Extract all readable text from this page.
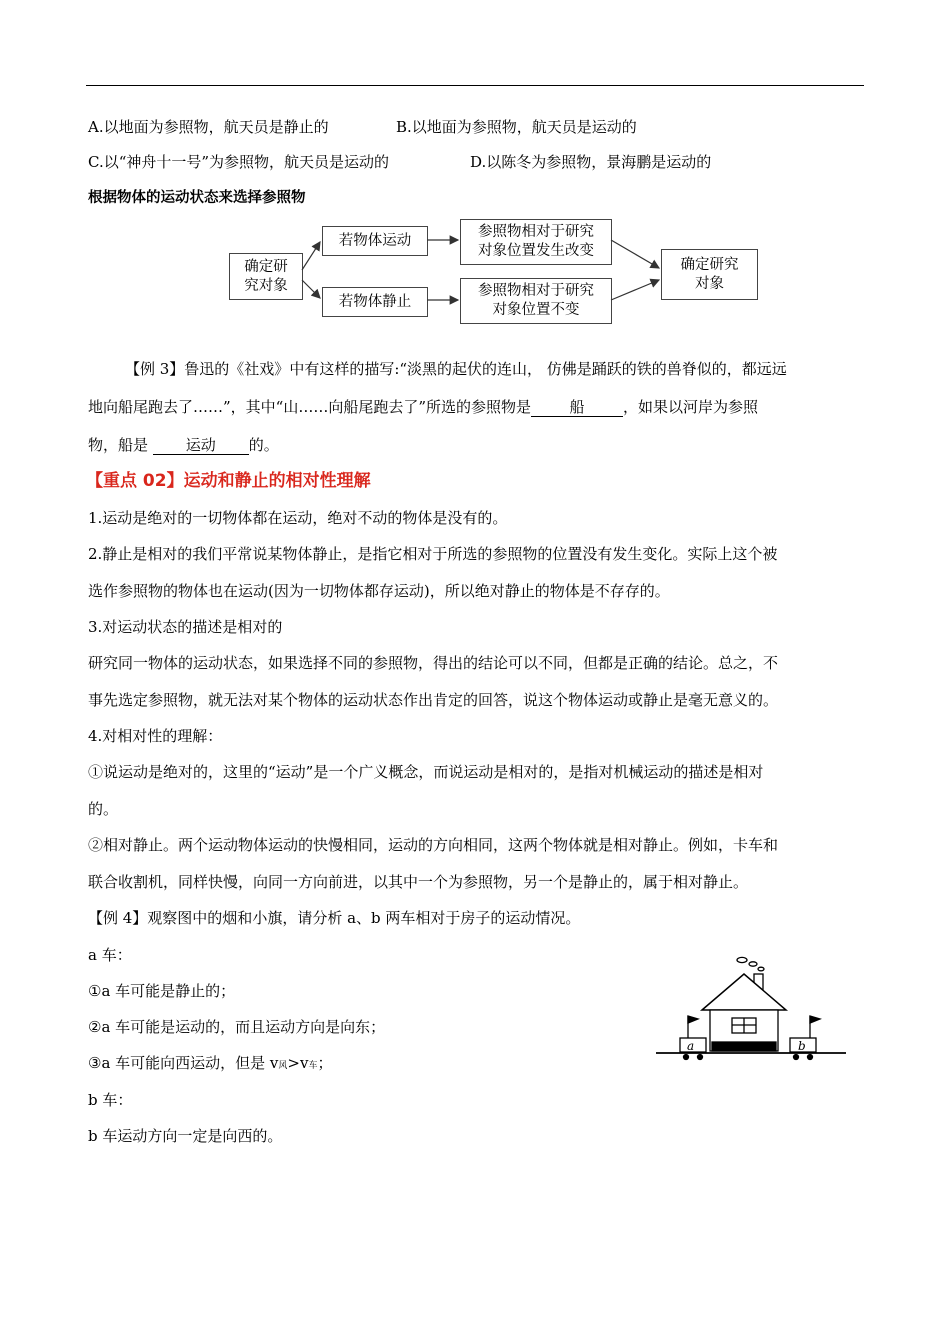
A.以地面为参照物，航天员是静止的	B.以地面为参照物，航天员是运动的
C.以“神舟十一号”为参照物，航天员是运动的	D.以陈冬为参照物，景海鹏是运动的
根据物体的运动状态来选择参照物
确定研
究对象
若物体运动
若物体静止
参照物相对于研究
对象位置发生改变
参照物相对于研究
对象位置不变
确定研究
对象
【例 3】鲁迅的《社戏》中有这样的描写:“淡黑的起伏的连山， 仿佛是踊跃的铁的兽脊似的，都远远
地向船尾跑去了……”，其中“山……向船尾跑去了”所选的参照物是	船	，如果以河岸为参照
物，船是	运动 的。
【重点 02】运动和静止的相对性理解
1.运动是绝对的一切物体都在运动，绝对不动的物体是没有的。
2.静止是相对的我们平常说某物体静止，是指它相对于所选的参照物的位置没有发生变化。实际上这个被
选作参照物的物体也在运动(因为一切物体都存运动)，所以绝对静止的物体是不存存的。
3.对运动状态的描述是相对的
研究同一物体的运动状态，如果选择不同的参照物，得出的结论可以不同，但都是正确的结论。总之，不
事先选定参照物，就无法对某个物体的运动状态作出肯定的回答，说这个物体运动或静止是毫无意义的。
4.对相对性的理解：
①说运动是绝对的，这里的“运动”是一个广义概念，而说运动是相对的，是指对机械运动的描述是相对
的。
②相对静止。两个运动物体运动的快慢相同，运动的方向相同，这两个物体就是相对静止。例如，卡车和
联合收割机，同样快慢，向同一方向前进，以其中一个为参照物，另一个是静止的，属于相对静止。
【例 4】观察图中的烟和小旗，请分析 a、b 两车相对于房子的运动情况。
a 车：
①a 车可能是静止的；
②a 车可能是运动的，而且运动方向是向东；
③a 车可能向西运动，但是 v风>v车；
b 车：
b 车运动方向一定是向西的。
a	b
